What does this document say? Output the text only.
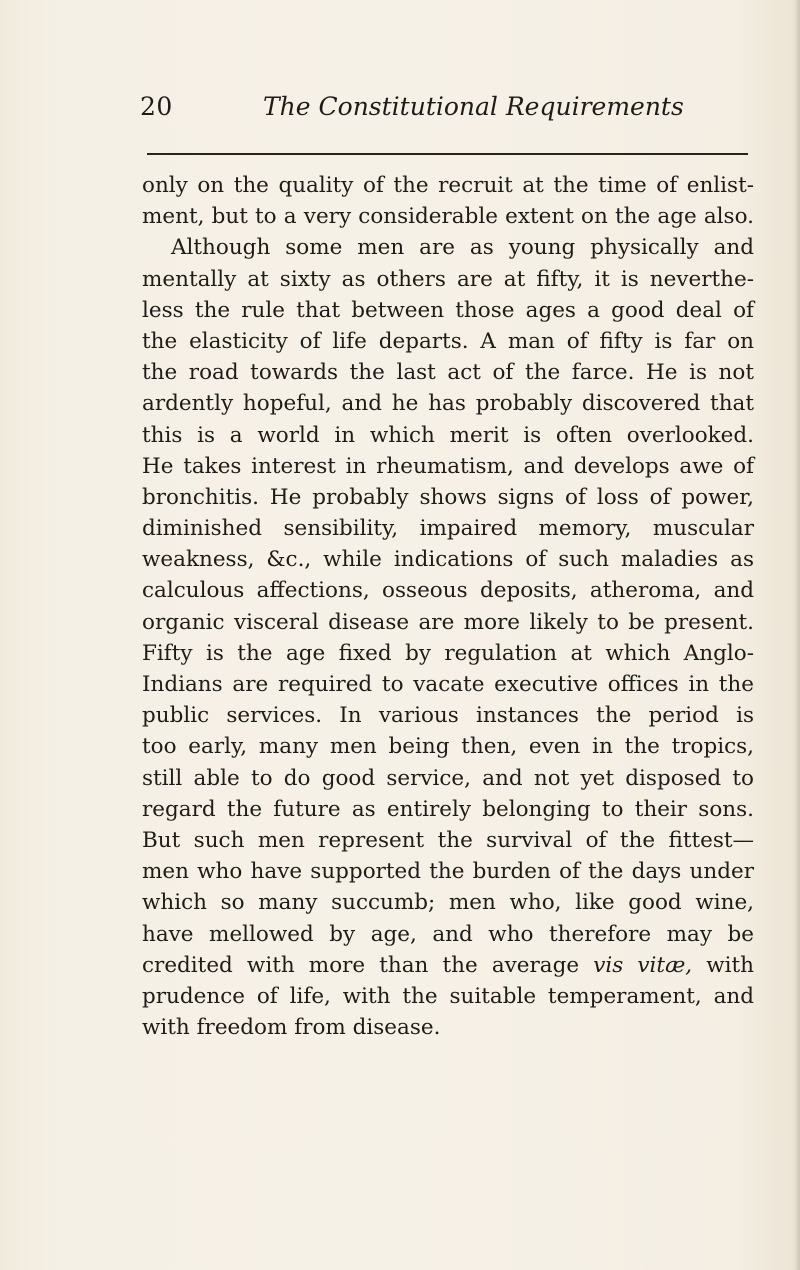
20	The Constitutional Requirements
only on the quality of the recruit at the time of enlist-
ment, but to a very considerable extent on the age also.
Although some men are as young physically and
mentally at sixty as others are at fifty, it is neverthe-
less the rule that between those ages a good deal of
the elasticity of life departs. A man of fifty is far on
the road towards the last act of the farce. He is not
ardently hopeful, and he has probably discovered that
this is a world in which merit is often overlooked.
He takes interest in rheumatism, and develops awe of
bronchitis. He probably shows signs of loss of power,
diminished sensibility, impaired memory, muscular
weakness, &c., while indications of such maladies as
calculous affections, osseous deposits, atheroma, and
organic visceral disease are more likely to be present.
Fifty is the age fixed by regulation at which Anglo-
Indians are required to vacate executive offices in the
public services. In various instances the period is
too early, many men being then, even in the tropics,
still able to do good service, and not yet disposed to
regard the future as entirely belonging to their sons.
But such men represent the survival of the fittest—
men who have supported the burden of the days under
which so many succumb; men who, like good wine,
have mellowed by age, and who therefore may be
credited with more than the average vis vitæ, with
prudence of life, with the suitable temperament, and
with freedom from disease.
